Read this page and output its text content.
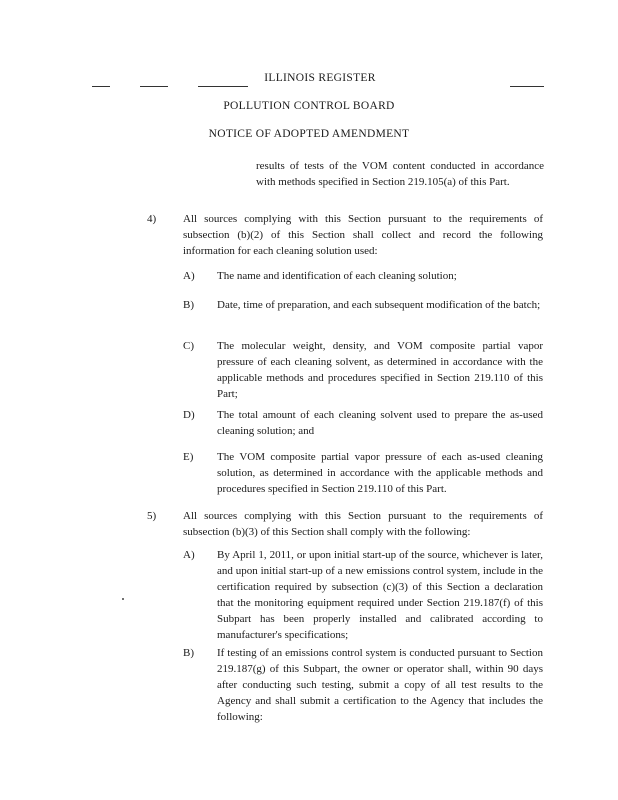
ILLINOIS REGISTER
POLLUTION CONTROL BOARD
NOTICE OF ADOPTED AMENDMENT
results of tests of the VOM content conducted in accordance with methods specified in Section 219.105(a) of this Part.
4) All sources complying with this Section pursuant to the requirements of subsection (b)(2) of this Section shall collect and record the following information for each cleaning solution used:
A) The name and identification of each cleaning solution;
B) Date, time of preparation, and each subsequent modification of the batch;
C) The molecular weight, density, and VOM composite partial vapor pressure of each cleaning solvent, as determined in accordance with the applicable methods and procedures specified in Section 219.110 of this Part;
D) The total amount of each cleaning solvent used to prepare the as-used cleaning solution; and
E) The VOM composite partial vapor pressure of each as-used cleaning solution, as determined in accordance with the applicable methods and procedures specified in Section 219.110 of this Part.
5) All sources complying with this Section pursuant to the requirements of subsection (b)(3) of this Section shall comply with the following:
A) By April 1, 2011, or upon initial start-up of the source, whichever is later, and upon initial start-up of a new emissions control system, include in the certification required by subsection (c)(3) of this Section a declaration that the monitoring equipment required under Section 219.187(f) of this Subpart has been properly installed and calibrated according to manufacturer's specifications;
B) If testing of an emissions control system is conducted pursuant to Section 219.187(g) of this Subpart, the owner or operator shall, within 90 days after conducting such testing, submit a copy of all test results to the Agency and shall submit a certification to the Agency that includes the following:
